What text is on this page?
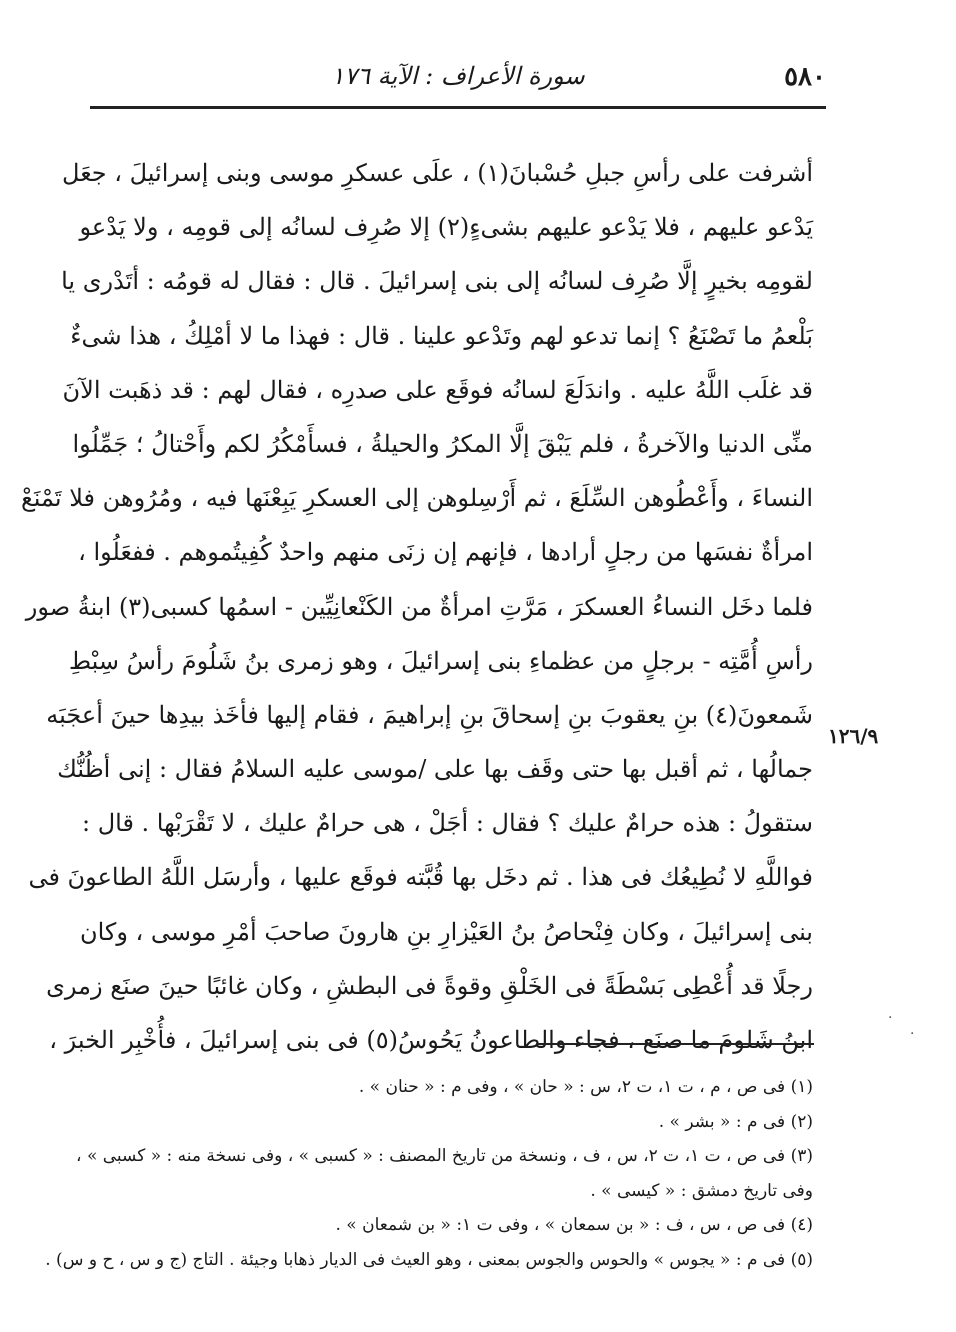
٥٨٠
سورة الأعراف : الآية ١٧٦
أشرفت على رأسِ جبلِ حُسْبانَ(١) ، علَى عسكرِ موسى وبنى إسرائيلَ ، جعَل
يَدْعو عليهم ، فلا يَدْعو عليهم بشىءٍ(٢) إلا صُرِف لسانُه إلى قومِه ، ولا يَدْعو
لقومِه بخيرٍ إلَّا صُرِف لسانُه إلى بنى إسرائيلَ . قال : فقال له قومُه : أتَدْرى يا
بَلْعمُ ما تَصْنَعُ ؟ إنما تدعو لهم وتَدْعو علينا . قال : فهذا ما لا أمْلِكُ ، هذا شىءٌ
قد غلَب اللَّهُ عليه . واندَلَعَ لسانُه فوقَع على صدرِه ، فقال لهم : قد ذهَبت الآنَ
منِّى الدنيا والآخرةُ ، فلم يَبْقَ إلَّا المكرُ والحيلةُ ، فسأَمْكُرُ لكم وأَحْتالُ ؛ جَمِّلُوا
النساءَ ، وأَعْطُوهن السِّلَعَ ، ثم أَرْسِلوهن إلى العسكرِ يَبِعْنَها فيه ، ومُرُوهن فلا تَمْنَعْ
امرأةٌ نفسَها من رجلٍ أرادها ، فإنهم إن زنَى منهم واحدٌ كُفِيتُموهم . ففعَلُوا ،
فلما دخَل النساءُ العسكرَ ، مَرَّتِ امرأةٌ من الكَنْعانِيِّين - اسمُها كسبى(٣) ابنةُ صور
رأسِ أُمَّتِه - برجلٍ من عظماءِ بنى إسرائيلَ ، وهو زمرى بنُ شَلُومَ رأسُ سِبْطِ
شَمعونَ(٤) بنِ يعقوبَ بنِ إسحاقَ بنِ إبراهيمَ ، فقام إليها فأخَذ بيدِها حينَ أعجَبَه
جمالُها ، ثم أقبل بها حتى وقَف بها على /موسى عليه السلامُ فقال : إنى أظُنُّك
ستقولُ : هذه حرامٌ عليك ؟ فقال : أجَلْ ، هى حرامٌ عليك ، لا تَقْرَبْها . قال :
فواللَّهِ لا نُطِيعُك فى هذا . ثم دخَل بها قُبَّته فوقَع عليها ، وأرسَل اللَّهُ الطاعونَ فى
بنى إسرائيلَ ، وكان فِنْحاصُ بنُ العَيْزارِ بنِ هارونَ صاحبَ أمْرِ موسى ، وكان
رجلًا قد أُعْطِى بَسْطَةً فى الخَلْقِ وقوةً فى البطشِ ، وكان غائبًا حينَ صنَع زمرى
ابنُ شَلومَ ما صنَع ، فجاء والطاعونُ يَحُوسُ(٥) فى بنى إسرائيلَ ، فأُخْبِر الخبرَ ،
١٢٦/٩
·
·
(١) فى ص ، م ، ت ١، ت ٢، س : « حان » ، وفى م : « حنان » .
(٢) فى م : « بشر » .
(٣) فى ص ، ت ١، ت ٢، س ، ف ، ونسخة من تاريخ المصنف : « كسبى » ، وفى نسخة منه : « كسبى » ،
وفى تاريخ دمشق : « كيسى » .
(٤) فى ص ، س ، ف : « بن سمعان » ، وفى ت ١: « بن شمعان » .
(٥) فى م : « يجوس » والحوس والجوس بمعنى ، وهو العيث فى الديار ذهابا وجيئة . التاج (ج و س ، ح و س) .
